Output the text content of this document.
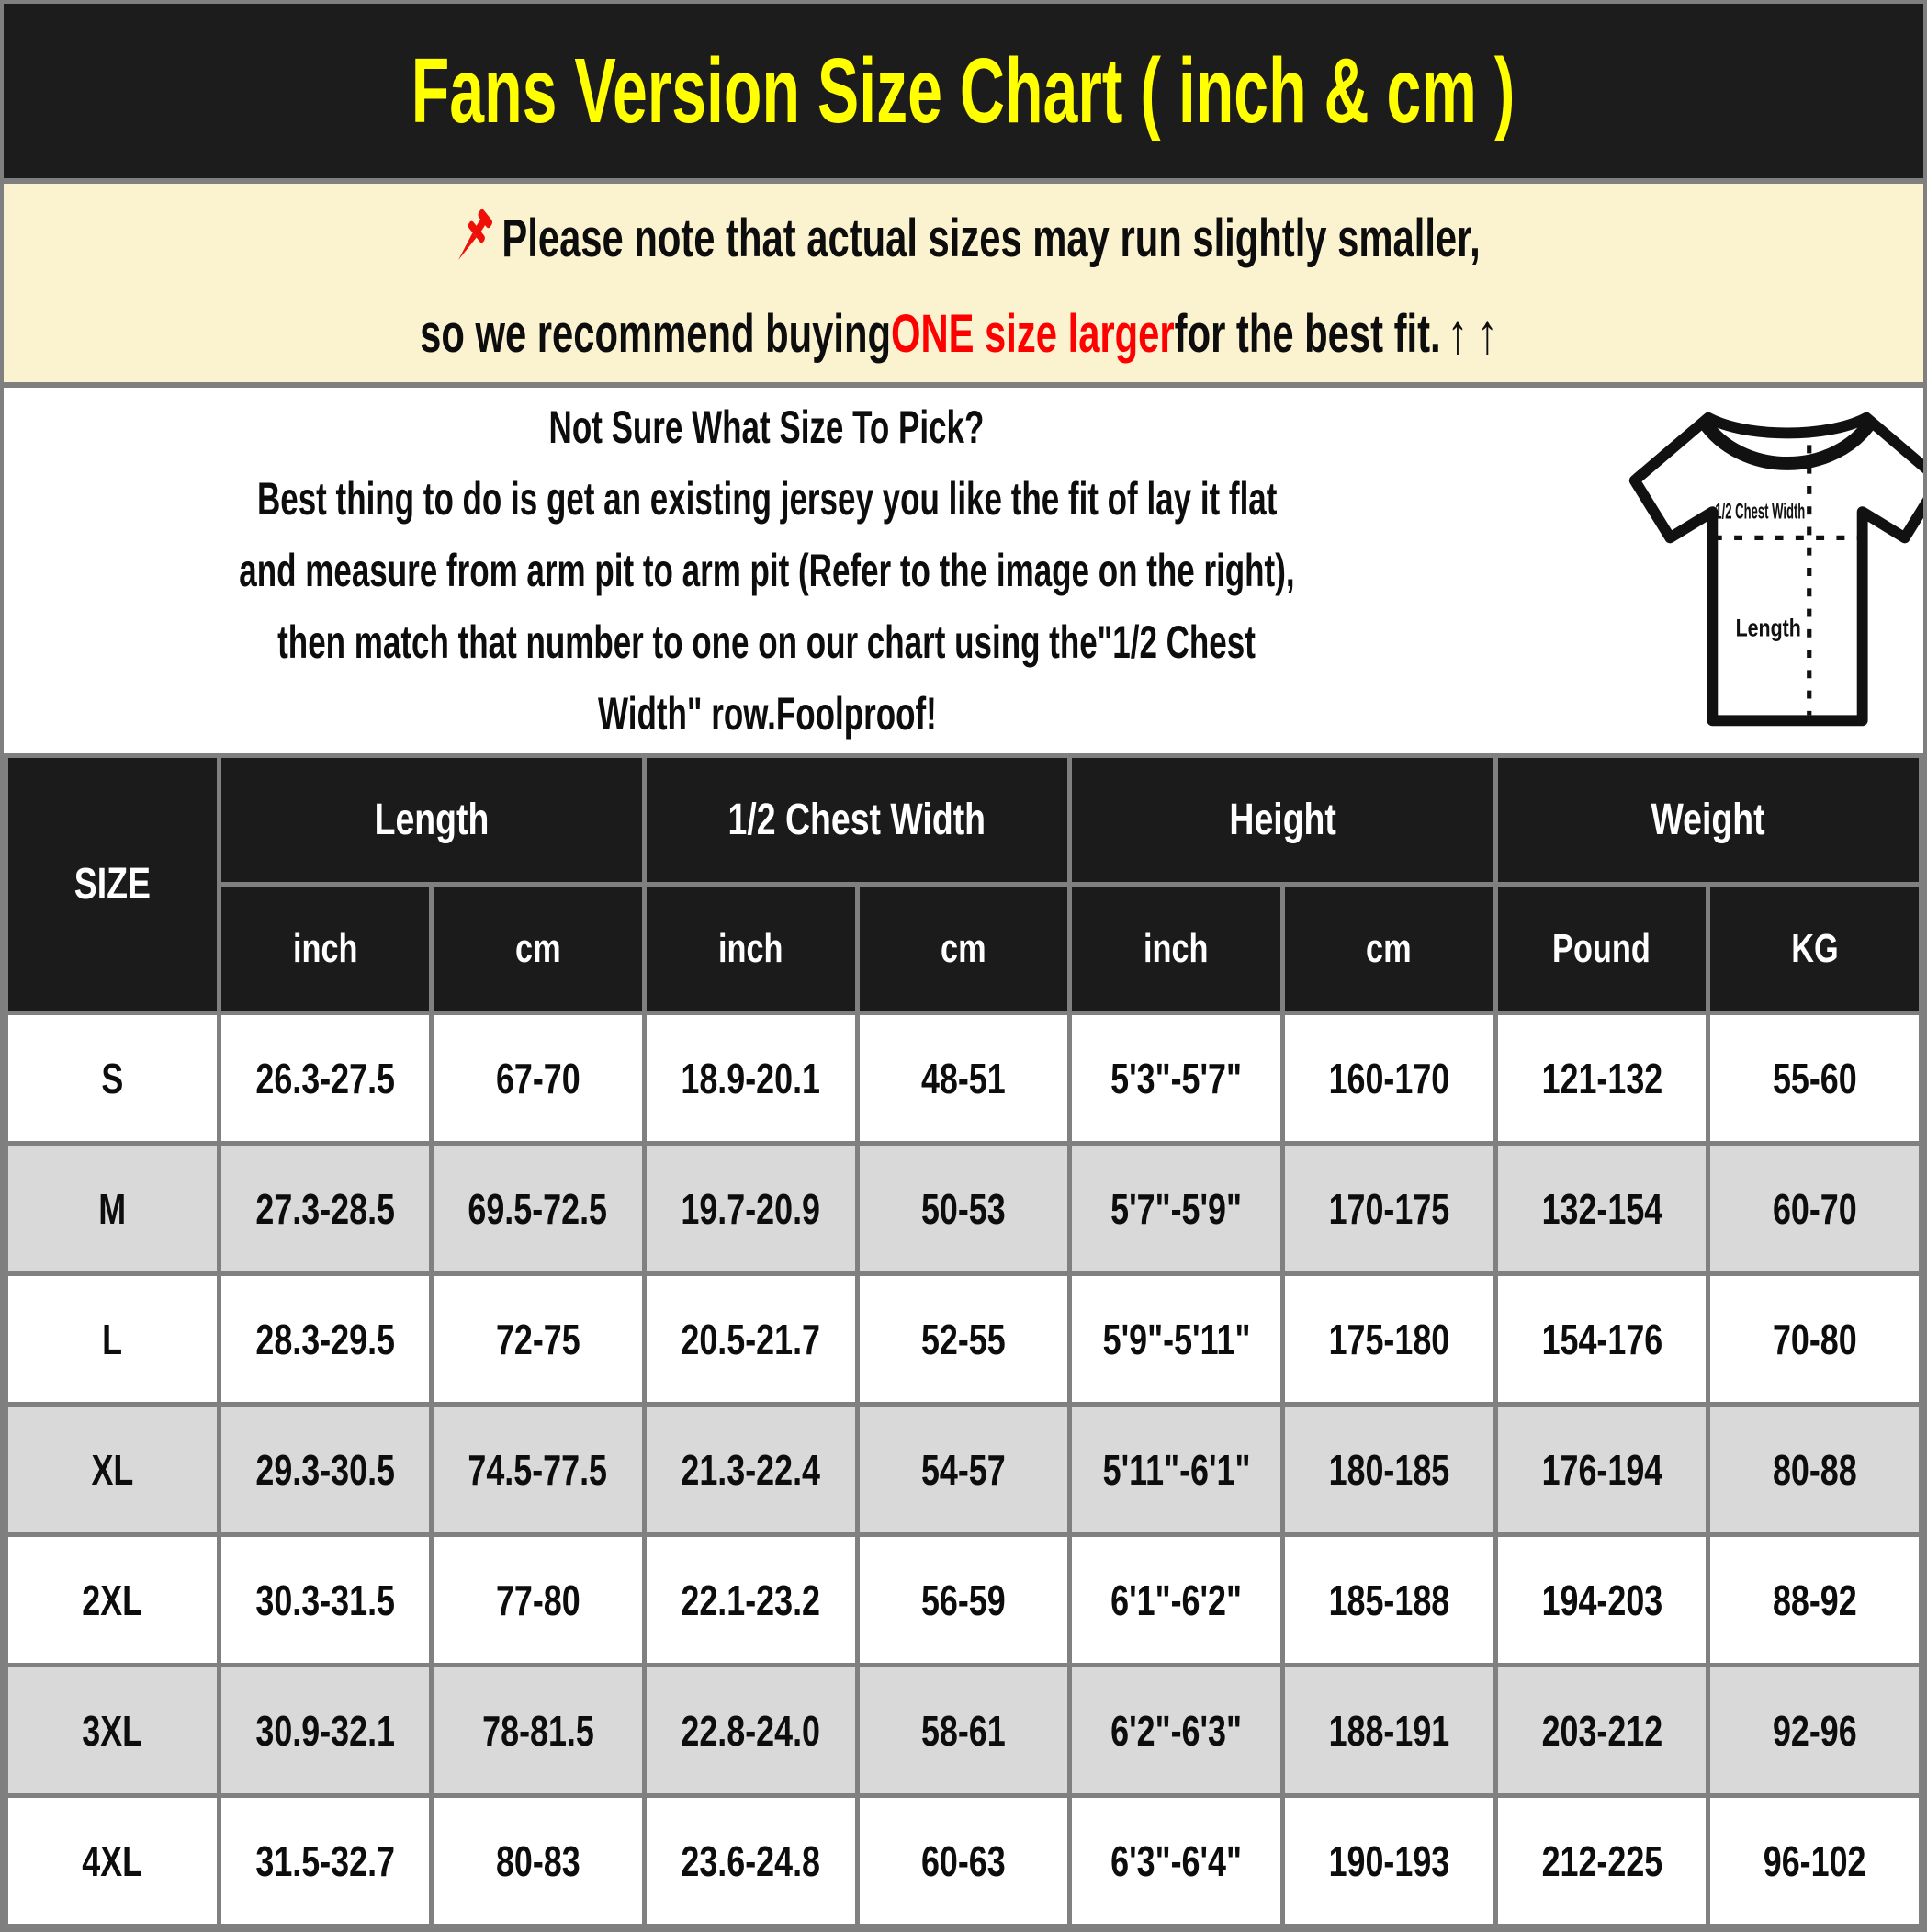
Fans Version Size Chart ( inch & cm )
Please note that actual sizes may run slightly smaller,
so we recommend buying ONE size larger for the best fit. ↑↑
Not Sure What Size To Pick?
Best thing to do is get an existing jersey you like the fit of lay it flat
and measure from arm pit to arm pit (Refer to the image on the right),
then match that number to one on our chart using the"1/2 Chest
Width" row.Foolproof!
1/2 Chest Width
Length
SIZE	Length		1/2 Chest Width		Height		Weight	
	inch	cm	inch	cm	inch	cm	Pound	KG
S	26.3-27.5	67-70	18.9-20.1	48-51	5'3"-5'7"	160-170	121-132	55-60
M	27.3-28.5	69.5-72.5	19.7-20.9	50-53	5'7"-5'9"	170-175	132-154	60-70
L	28.3-29.5	72-75	20.5-21.7	52-55	5'9"-5'11"	175-180	154-176	70-80
XL	29.3-30.5	74.5-77.5	21.3-22.4	54-57	5'11"-6'1"	180-185	176-194	80-88
2XL	30.3-31.5	77-80	22.1-23.2	56-59	6'1"-6'2"	185-188	194-203	88-92
3XL	30.9-32.1	78-81.5	22.8-24.0	58-61	6'2"-6'3"	188-191	203-212	92-96
4XL	31.5-32.7	80-83	23.6-24.8	60-63	6'3"-6'4"	190-193	212-225	96-102
